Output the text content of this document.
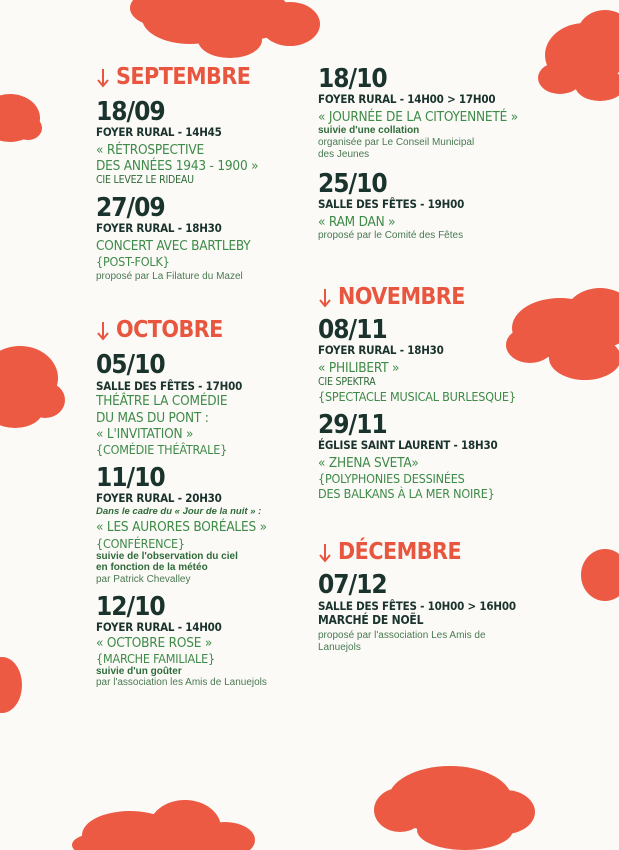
SEPTEMBRE
18/09
FOYER RURAL - 14H45
« RÉTROSPECTIVE
DES ANNÉES 1943 - 1900 »
CIE LEVEZ LE RIDEAU
27/09
FOYER RURAL - 18H30
CONCERT AVEC BARTLEBY
{POST-FOLK}
proposé par La Filature du Mazel
OCTOBRE
05/10
SALLE DES FÊTES - 17H00
THÉÂTRE LA COMÉDIE
DU MAS DU PONT :
« L'INVITATION »
{COMÉDIE THÉÂTRALE}
11/10
FOYER RURAL - 20H30
Dans le cadre du « Jour de la nuit » :
« LES AURORES BORÉALES »
{CONFÉRENCE}
suivie de l'observation du ciel
en fonction de la météo
par Patrick Chevalley
12/10
FOYER RURAL - 14H00
« OCTOBRE ROSE »
{MARCHE FAMILIALE}
suivie d'un goûter
par l'association les Amis de Lanuejols
18/10
FOYER RURAL - 14H00 > 17H00
« JOURNÉE DE LA CITOYENNETÉ »
suivie d'une collation
organisée par Le Conseil Municipal
des Jeunes
25/10
SALLE DES FÊTES - 19H00
« RAM DAN »
proposé par le Comité des Fêtes
NOVEMBRE
08/11
FOYER RURAL - 18H30
« PHILIBERT »
CIE SPEKTRA
{SPECTACLE MUSICAL BURLESQUE}
29/11
ÉGLISE SAINT LAURENT - 18H30
« ZHENA SVETA»
{POLYPHONIES DESSINÉES
DES BALKANS À LA MER NOIRE}
DÉCEMBRE
07/12
SALLE DES FÊTES - 10H00 > 16H00
MARCHÉ DE NOËL
proposé par l'association Les Amis de
Lanuejols
